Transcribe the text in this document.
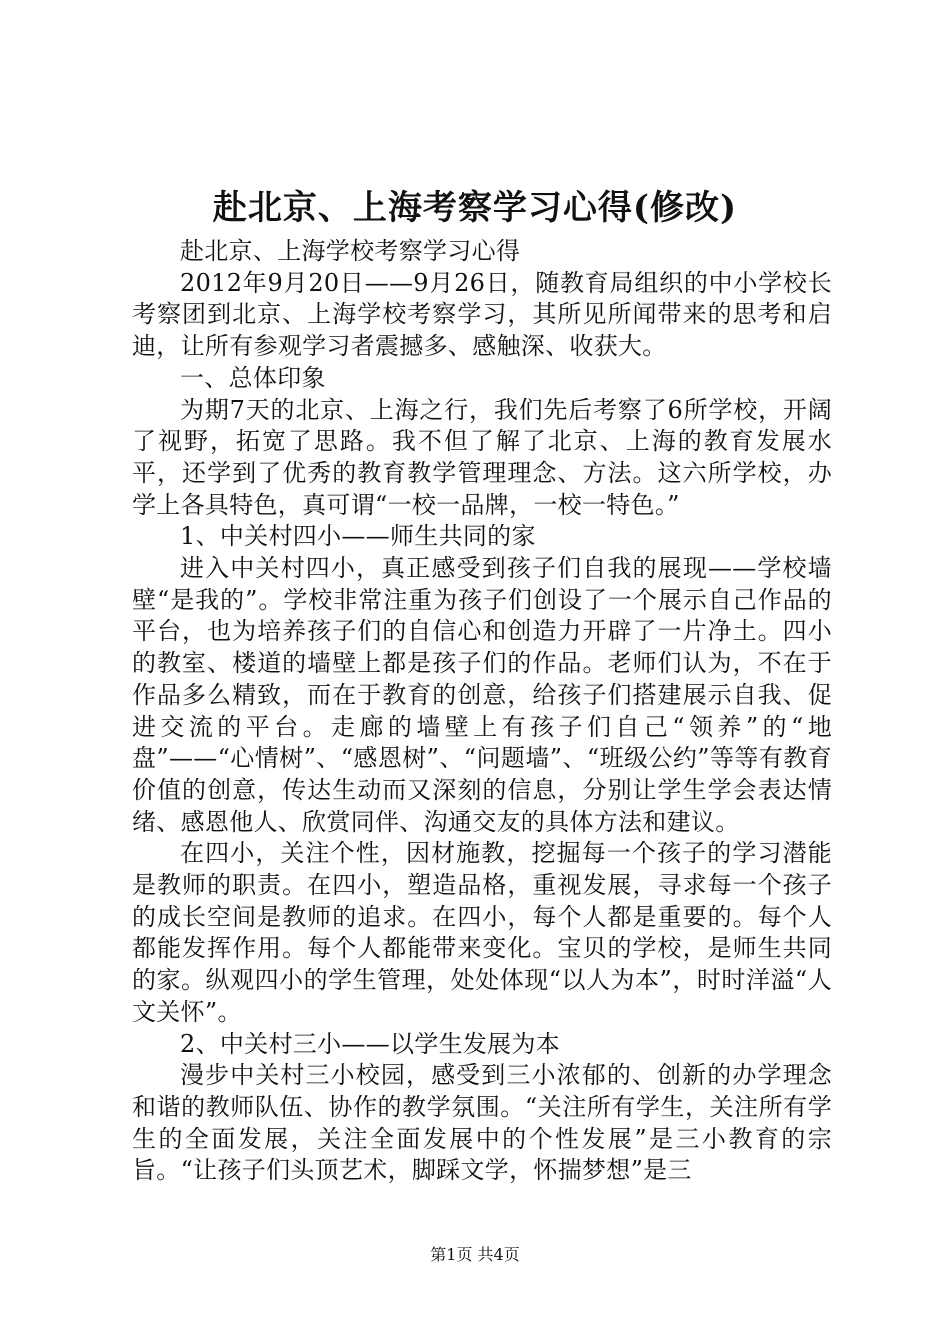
赴北京、上海考察学习心得(修改)

赴北京、上海学校考察学习心得

2012年9月20日——9月26日，随教育局组织的中小学校长考察团到北京、上海学校考察学习，其所见所闻带来的思考和启迪，让所有参观学习者震撼多、感触深、收获大。

一、总体印象

为期7天的北京、上海之行，我们先后考察了6所学校，开阔了视野，拓宽了思路。我不但了解了北京、上海的教育发展水平，还学到了优秀的教育教学管理理念、方法。这六所学校，办学上各具特色，真可谓“一校一品牌，一校一特色。”

1、中关村四小——师生共同的家

进入中关村四小，真正感受到孩子们自我的展现——学校墙壁“是我的”。学校非常注重为孩子们创设了一个展示自己作品的平台，也为培养孩子们的自信心和创造力开辟了一片净土。四小的教室、楼道的墙壁上都是孩子们的作品。老师们认为，不在于作品多么精致，而在于教育的创意，给孩子们搭建展示自我、促进交流的平台。走廊的墙壁上有孩子们自己“领养”的“地盘”——“心情树”、“感恩树”、“问题墙”、“班级公约”等等有教育价值的创意，传达生动而又深刻的信息，分别让学生学会表达情绪、感恩他人、欣赏同伴、沟通交友的具体方法和建议。

在四小，关注个性，因材施教，挖掘每一个孩子的学习潜能是教师的职责。在四小，塑造品格，重视发展，寻求每一个孩子的成长空间是教师的追求。在四小，每个人都是重要的。每个人都能发挥作用。每个人都能带来变化。宝贝的学校，是师生共同的家。纵观四小的学生管理，处处体现“以人为本”，时时洋溢“人文关怀”。

2、中关村三小——以学生发展为本

漫步中关村三小校园，感受到三小浓郁的、创新的办学理念和谐的教师队伍、协作的教学氛围。“关注所有学生，关注所有学生的全面发展，关注全面发展中的个性发展”是三小教育的宗旨。“让孩子们头顶艺术，脚踩文学，怀揣梦想”是三

第1页 共4页
